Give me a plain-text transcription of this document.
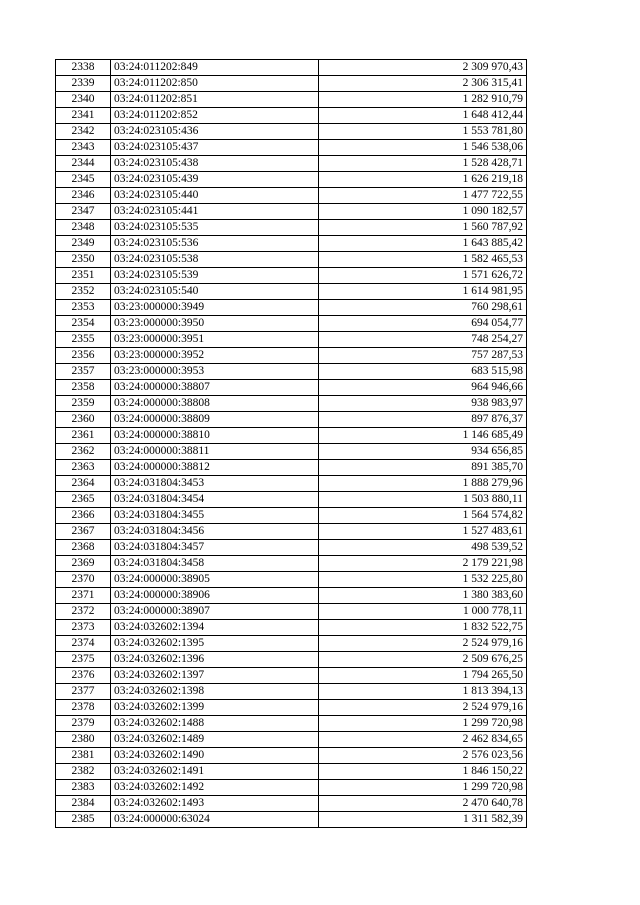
2338	03:24:011202:849	2 309 970,43
2339	03:24:011202:850	2 306 315,41
2340	03:24:011202:851	1 282 910,79
2341	03:24:011202:852	1 648 412,44
2342	03:24:023105:436	1 553 781,80
2343	03:24:023105:437	1 546 538,06
2344	03:24:023105:438	1 528 428,71
2345	03:24:023105:439	1 626 219,18
2346	03:24:023105:440	1 477 722,55
2347	03:24:023105:441	1 090 182,57
2348	03:24:023105:535	1 560 787,92
2349	03:24:023105:536	1 643 885,42
2350	03:24:023105:538	1 582 465,53
2351	03:24:023105:539	1 571 626,72
2352	03:24:023105:540	1 614 981,95
2353	03:23:000000:3949	760 298,61
2354	03:23:000000:3950	694 054,77
2355	03:23:000000:3951	748 254,27
2356	03:23:000000:3952	757 287,53
2357	03:23:000000:3953	683 515,98
2358	03:24:000000:38807	964 946,66
2359	03:24:000000:38808	938 983,97
2360	03:24:000000:38809	897 876,37
2361	03:24:000000:38810	1 146 685,49
2362	03:24:000000:38811	934 656,85
2363	03:24:000000:38812	891 385,70
2364	03:24:031804:3453	1 888 279,96
2365	03:24:031804:3454	1 503 880,11
2366	03:24:031804:3455	1 564 574,82
2367	03:24:031804:3456	1 527 483,61
2368	03:24:031804:3457	498 539,52
2369	03:24:031804:3458	2 179 221,98
2370	03:24:000000:38905	1 532 225,80
2371	03:24:000000:38906	1 380 383,60
2372	03:24:000000:38907	1 000 778,11
2373	03:24:032602:1394	1 832 522,75
2374	03:24:032602:1395	2 524 979,16
2375	03:24:032602:1396	2 509 676,25
2376	03:24:032602:1397	1 794 265,50
2377	03:24:032602:1398	1 813 394,13
2378	03:24:032602:1399	2 524 979,16
2379	03:24:032602:1488	1 299 720,98
2380	03:24:032602:1489	2 462 834,65
2381	03:24:032602:1490	2 576 023,56
2382	03:24:032602:1491	1 846 150,22
2383	03:24:032602:1492	1 299 720,98
2384	03:24:032602:1493	2 470 640,78
2385	03:24:000000:63024	1 311 582,39
